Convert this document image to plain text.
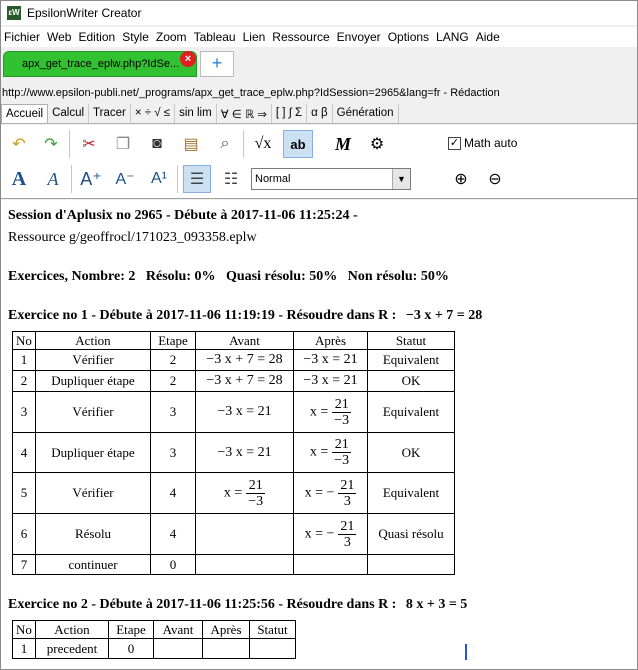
εW EpsilonWriter Creator
Fichier Web Edition Style Zoom Tableau Lien Ressource Envoyer Options LANG Aide
apx_get_trace_eplw.php?IdSe... ×	+
http://www.epsilon-publi.net/_programs/apx_get_trace_eplw.php?IdSession=2965&lang=fr - Rédaction
Accueil Calcul Tracer × ÷ √ ≤ sin lim ∀ ∈ ℝ ⇒ [ ] ∫ Σ α β Génération
↶	↷	✂	❐	◙	▤	⌕	√x	ab	M	⚙	✓ Math auto
A	A	A⁺ A⁻	A¹	☰	☷	Normal	▼	⊕	⊖
Session d'Aplusix no 2965 - Débute à 2017-11-06 11:25:24 -
Ressource g/geoffrocl/171023_093358.eplw
Exercices, Nombre: 2   Résolu: 0%   Quasi résolu: 50%   Non résolu: 50%
Exercice no 1 - Débute à 2017-11-06 11:19:19 - Résoudre dans R : −3 x + 7 = 28
No	Action	Etape	Avant	Après	Statut
1	Vérifier	2	−3 x + 7 = 28	−3 x = 21	Equivalent
2	Dupliquer étape	2	−3 x + 7 = 28	−3 x = 21	OK
3	Vérifier	3	−3 x = 21	$x = \frac{21}{-3}$	Equivalent
4	Dupliquer étape	3	−3 x = 21	$x = \frac{21}{-3}$	OK
5	Vérifier	4	$x = \frac{21}{-3}$	x = − $\frac{21}{3}$	Equivalent
6	Résolu	4		x = − $\frac{21}{3}$	Quasi résolu
7	continuer	0			
Exercice no 2 - Débute à 2017-11-06 11:25:56 - Résoudre dans R : 8 x + 3 = 5
No	Action	Etape	Avant	Après	Statut
1	precedent	0			
